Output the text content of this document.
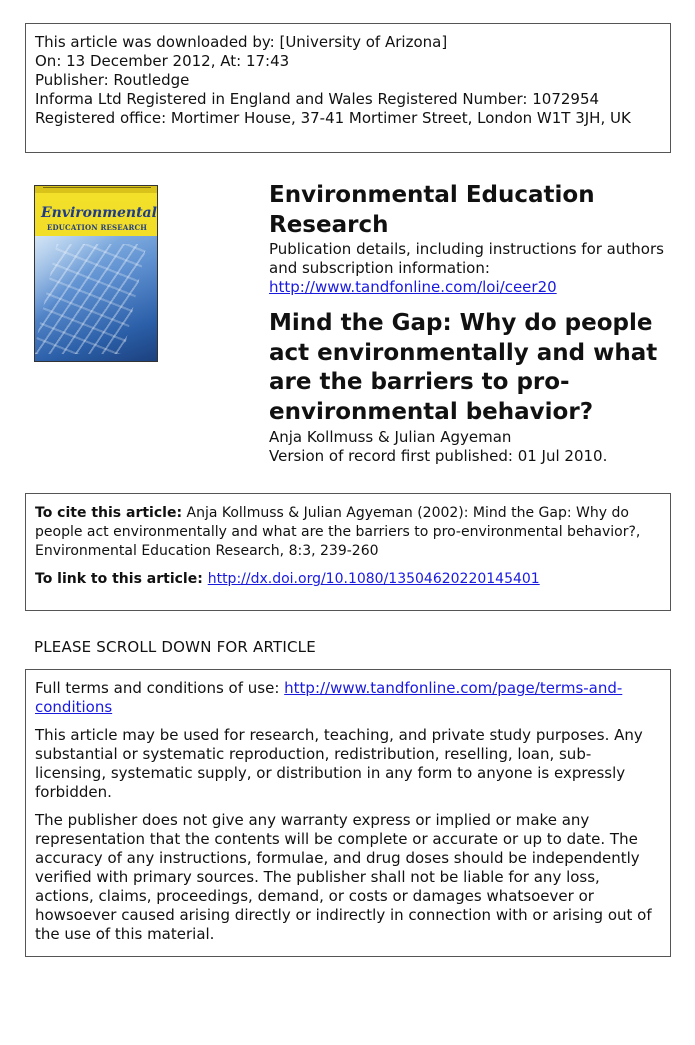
This article was downloaded by: [University of Arizona]
On: 13 December 2012, At: 17:43
Publisher: Routledge
Informa Ltd Registered in England and Wales Registered Number: 1072954
Registered office: Mortimer House, 37-41 Mortimer Street, London W1T 3JH, UK
Environmental
EDUCATION RESEARCH
Environmental Education Research
Publication details, including instructions for authors and subscription information:
http://www.tandfonline.com/loi/ceer20
Mind the Gap: Why do people act environmentally and what are the barriers to pro-environmental behavior?
Anja Kollmuss & Julian Agyeman
Version of record first published: 01 Jul 2010.
To cite this article: Anja Kollmuss & Julian Agyeman (2002): Mind the Gap: Why do people act environmentally and what are the barriers to pro-environmental behavior?, Environmental Education Research, 8:3, 239-260
To link to this article: http://dx.doi.org/10.1080/13504620220145401
PLEASE SCROLL DOWN FOR ARTICLE

Full terms and conditions of use: http://www.tandfonline.com/page/terms-and-conditions

This article may be used for research, teaching, and private study purposes. Any substantial or systematic reproduction, redistribution, reselling, loan, sub-licensing, systematic supply, or distribution in any form to anyone is expressly forbidden.

The publisher does not give any warranty express or implied or make any representation that the contents will be complete or accurate or up to date. The accuracy of any instructions, formulae, and drug doses should be independently verified with primary sources. The publisher shall not be liable for any loss, actions, claims, proceedings, demand, or costs or damages whatsoever or howsoever caused arising directly or indirectly in connection with or arising out of the use of this material.
